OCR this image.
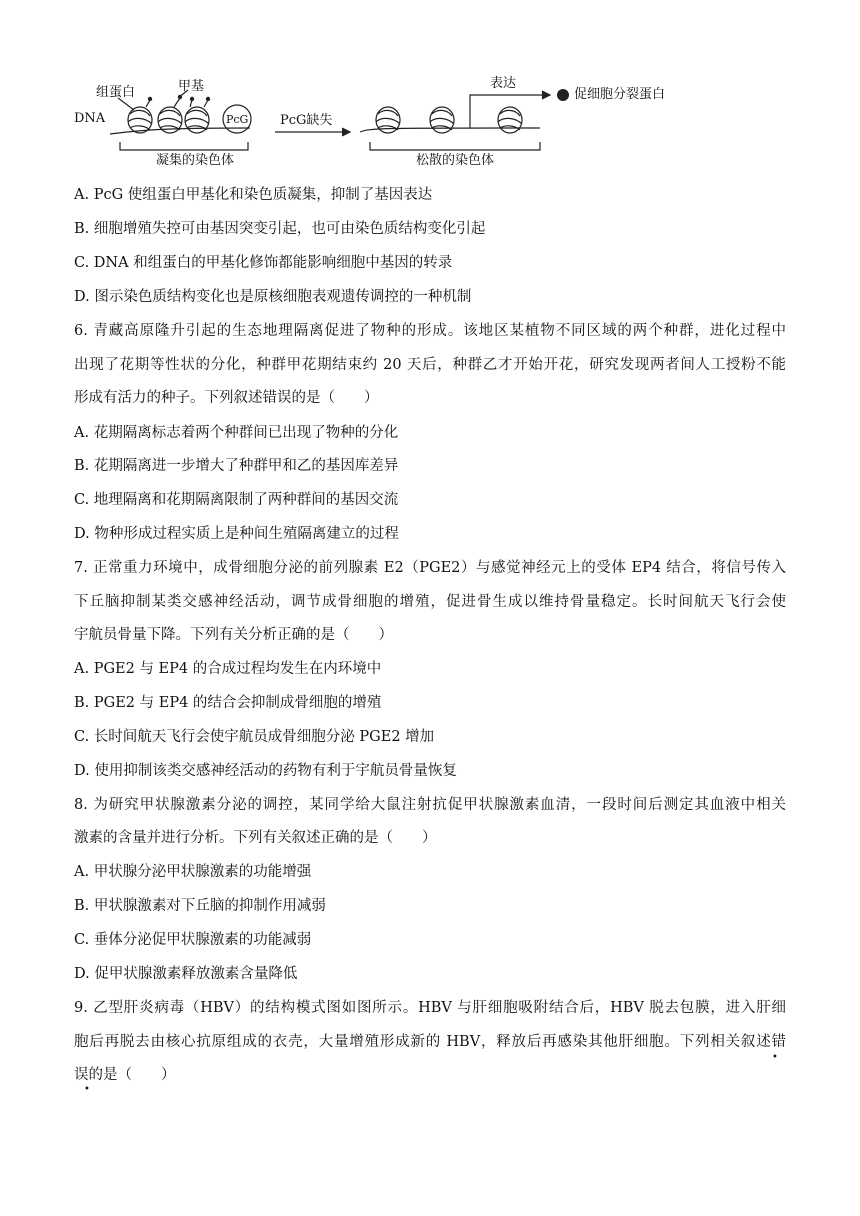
组蛋白	甲基
DNA	PcG PcG缺失
表达
促细胞分裂蛋白
凝集的染色体	松散的染色体
A. PcG 使组蛋白甲基化和染色质凝集，抑制了基因表达
B. 细胞增殖失控可由基因突变引起，也可由染色质结构变化引起
C. DNA 和组蛋白的甲基化修饰都能影响细胞中基因的转录
D. 图示染色质结构变化也是原核细胞表观遗传调控的一种机制
6. 青藏高原隆升引起的生态地理隔离促进了物种的形成。该地区某植物不同区域的两个种群，进化过程中
出现了花期等性状的分化，种群甲花期结束约 20 天后，种群乙才开始开花，研究发现两者间人工授粉不能
形成有活力的种子。下列叙述错误的是（　　）
A. 花期隔离标志着两个种群间已出现了物种的分化
B. 花期隔离进一步增大了种群甲和乙的基因库差异
C. 地理隔离和花期隔离限制了两种群间的基因交流
D. 物种形成过程实质上是种间生殖隔离建立的过程
7. 正常重力环境中，成骨细胞分泌的前列腺素 E2（PGE2）与感觉神经元上的受体 EP4 结合，将信号传入
下丘脑抑制某类交感神经活动，调节成骨细胞的增殖，促进骨生成以维持骨量稳定。长时间航天飞行会使
宇航员骨量下降。下列有关分析正确的是（　　）
A. PGE2 与 EP4 的合成过程均发生在内环境中
B. PGE2 与 EP4 的结合会抑制成骨细胞的增殖
C. 长时间航天飞行会使宇航员成骨细胞分泌 PGE2 增加
D. 使用抑制该类交感神经活动的药物有利于宇航员骨量恢复
8. 为研究甲状腺激素分泌的调控，某同学给大鼠注射抗促甲状腺激素血清，一段时间后测定其血液中相关
激素的含量并进行分析。下列有关叙述正确的是（　　）
A. 甲状腺分泌甲状腺激素的功能增强
B. 甲状腺激素对下丘脑的抑制作用减弱
C. 垂体分泌促甲状腺激素的功能减弱
D. 促甲状腺激素释放激素含量降低
9. 乙型肝炎病毒（HBV）的结构模式图如图所示。HBV 与肝细胞吸附结合后，HBV 脱去包膜，进入肝细
胞后再脱去由核心抗原组成的衣壳，大量增殖形成新的 HBV，释放后再感染其他肝细胞。下列相关叙述错
误的是（　　）
•
•
